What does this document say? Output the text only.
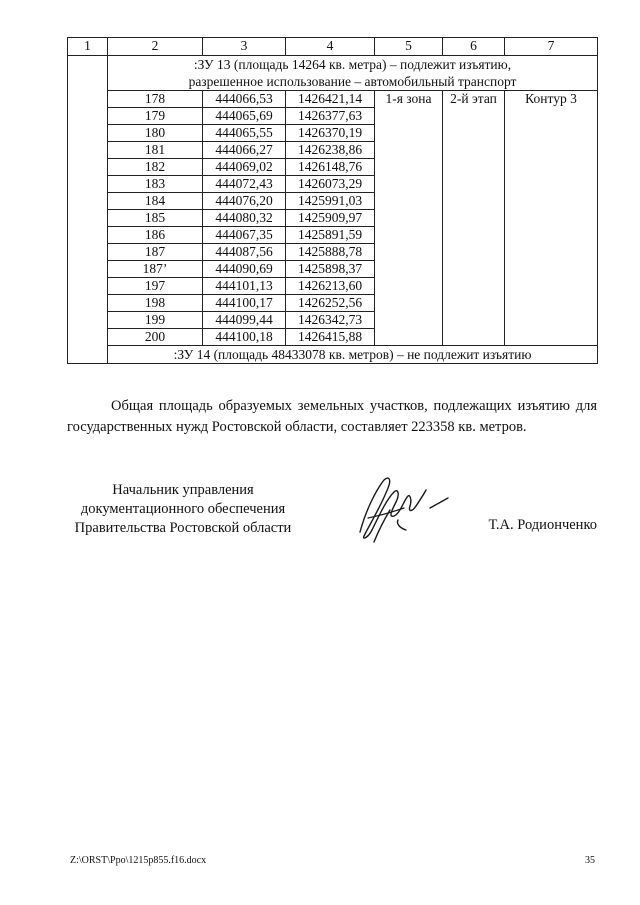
1	2	3	4	5	6	7

	:ЗУ 13 (площадь 14264 кв. метра) – подлежит изъятию,
разрешенное использование – автомобильный транспорт					

	178	444066,53	1426421,14	1-я зона	2-й этап	Контур 3
	179	444065,69	1426377,63			
	180	444065,55	1426370,19			
	181	444066,27	1426238,86			
	182	444069,02	1426148,76			
	183	444072,43	1426073,29			
	184	444076,20	1425991,03			
	185	444080,32	1425909,97			
	186	444067,35	1425891,59			
	187	444087,56	1425888,78			
	187’	444090,69	1425898,37			
	197	444101,13	1426213,60			
	198	444100,17	1426252,56			
	199	444099,44	1426342,73			
	200	444100,18	1426415,88			
	:ЗУ 14 (площадь 48433078 кв. метров) – не подлежит изъятию					
Общая площадь образуемых земельных участков, подлежащих изъятию для государственных нужд Ростовской области, составляет 223358 кв. метров.
Начальник управления
документационного обеспечения
Правительства Ростовской области	Т.А. Родионченко
Z:\ORST\Ppo\1215p855.f16.docx	35
